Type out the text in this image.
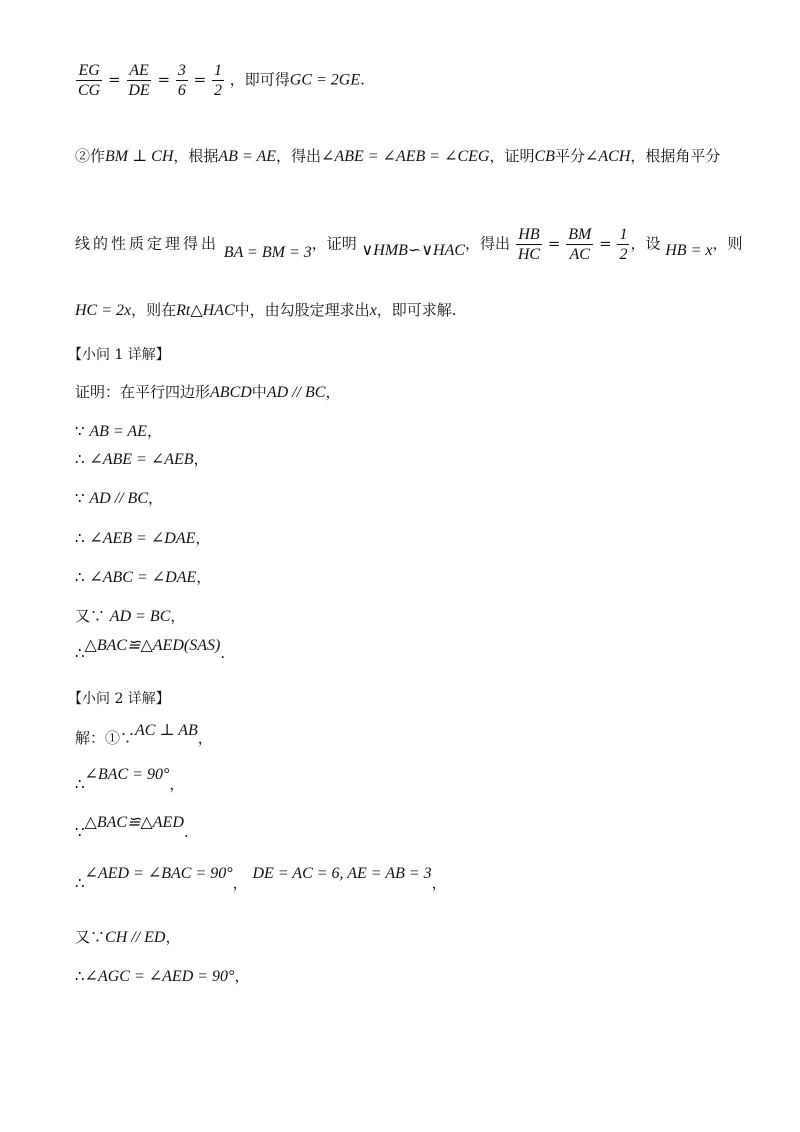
$\frac{EG}{CG} = \frac{AE}{DE} = \frac{3}{6} = \frac{1}{2}$ ，即可得GC = 2GE.
②作BM ⊥ CH，根据AB = AE，得出∠ABE = ∠AEB = ∠CEG，证明CB平分∠ACH，根据角平分
线的性质定理得出 BA = BM = 3，证明 ∨HMB∽∨HAC，得出 $\frac{HB}{HC} = \frac{BM}{AC} = \frac{1}{2}$ ，设 HB = x，则
HC = 2x，则在Rt△HAC中，由勾股定理求出x，即可求解.
【小问 1 详解】
证明：在平行四边形ABCD中AD // BC，
∵ AB = AE，
∴ ∠ABE = ∠AEB，
∵ AD // BC，
∴ ∠AEB = ∠DAE，
∴ ∠ABC = ∠DAE，
又∵ AD = BC，
∴△BAC≌△AED(SAS).
【小问 2 详解】
解：①∵AC ⊥ AB，
∴∠BAC = 90°，
∵△BAC≌△AED.
∴∠AED = ∠BAC = 90°， DE = AC = 6, AE = AB = 3，
又∵CH // ED，
∴∠AGC = ∠AED = 90°，
